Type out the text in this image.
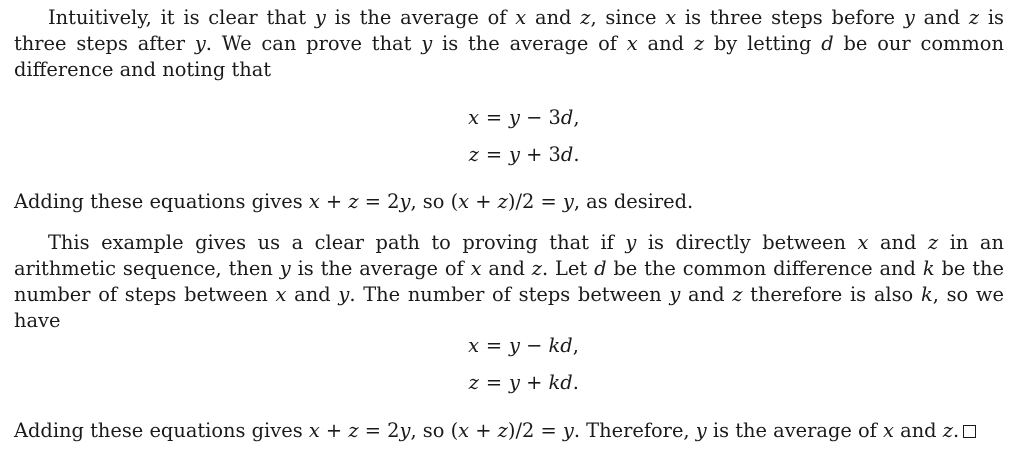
Intuitively, it is clear that y is the average of x and z, since x is three steps before y and z is three steps after y. We can prove that y is the average of x and z by letting d be our common difference and noting that

x = y − 3d,
z = y + 3d.

Adding these equations gives x + z = 2y, so (x + z)/2 = y, as desired.

This example gives us a clear path to proving that if y is directly between x and z in an arithmetic sequence, then y is the average of x and z. Let d be the common difference and k be the number of steps between x and y. The number of steps between y and z therefore is also k, so we have

x = y − kd,
z = y + kd.

Adding these equations gives x + z = 2y, so (x + z)/2 = y. Therefore, y is the average of x and z.
